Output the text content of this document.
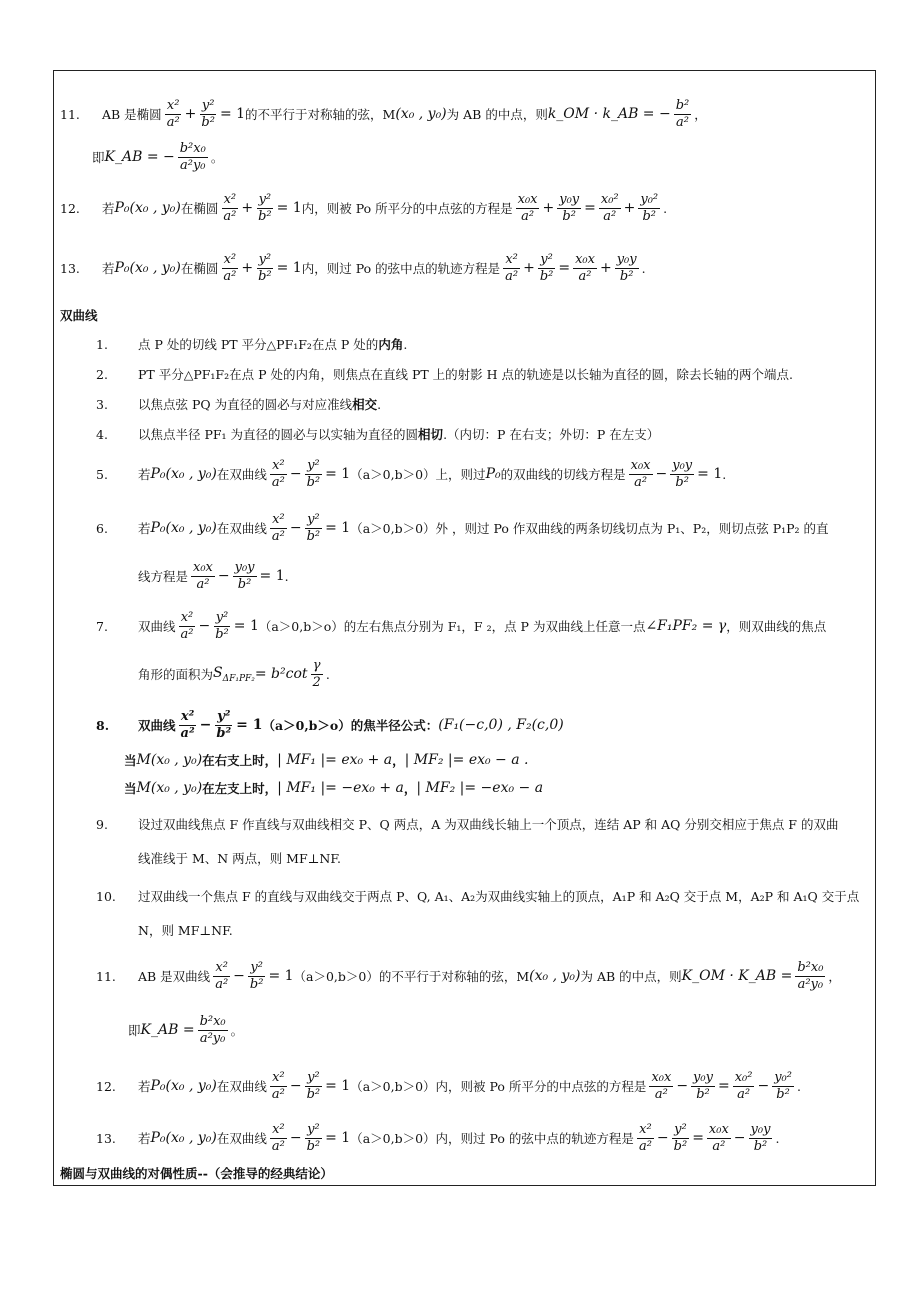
11.	AB 是椭圆 $\frac{\text{x²}}{\text{a²}} + \frac{\text{y²}}{\text{b²}} = 1$ 的不平行于对称轴的弦，M (x₀ , y₀) 为 AB 的中点，则 k_OM · k_AB = − $\frac{\text{b²}}{\text{a²}}$ ，
即 K_AB = − $\frac{\text{b²x₀}}{\text{a²y₀}}$ 。
12.	若 P₀(x₀ , y₀) 在椭圆 $\frac{\text{x²}}{\text{a²}} + \frac{\text{y²}}{\text{b²}} = 1$ 内，则被 Po 所平分的中点弦的方程是 $\frac{\text{x₀x}}{\text{a²}} + \frac{\text{y₀y}}{\text{b²}} = \frac{\text{x₀²}}{\text{a²}} + \frac{\text{y₀²}}{\text{b²}}$ .
13.	若 P₀(x₀ , y₀) 在椭圆 $\frac{\text{x²}}{\text{a²}} + \frac{\text{y²}}{\text{b²}} = 1$ 内，则过 Po 的弦中点的轨迹方程是 $\frac{\text{x²}}{\text{a²}} + \frac{\text{y²}}{\text{b²}} = \frac{\text{x₀x}}{\text{a²}} + \frac{\text{y₀y}}{\text{b²}}$ .
双曲线
1.	点 P 处的切线 PT 平分△PF₁F₂在点 P 处的 内角 .
2.	PT 平分△PF₁F₂在点 P 处的内角，则焦点在直线 PT 上的射影 H 点的轨迹是以长轴为直径的圆，除去长轴的两个端点.
3.	以焦点弦 PQ 为直径的圆必与对应准线 相交 .
4.	以焦点半径 PF₁ 为直径的圆必与以实轴为直径的圆 相切 .（内切：P 在右支；外切：P 在左支）
5.	若 P₀(x₀ , y₀) 在双曲线 $\frac{\text{x²}}{\text{a²}} - \frac{\text{y²}}{\text{b²}} = 1$ （a＞0,b＞0）上，则过 P₀ 的双曲线的切线方程是 $\frac{\text{x₀x}}{\text{a²}} - \frac{\text{y₀y}}{\text{b²}} = 1$ .
6.	若 P₀(x₀ , y₀) 在双曲线 $\frac{\text{x²}}{\text{a²}} - \frac{\text{y²}}{\text{b²}} = 1$ （a＞0,b＞0）外 ，则过 Po 作双曲线的两条切线切点为 P₁、P₂，则切点弦 P₁P₂ 的直
线方程是 $\frac{\text{x₀x}}{\text{a²}} - \frac{\text{y₀y}}{\text{b²}} = 1$ .
7.	双曲线 $\frac{\text{x²}}{\text{a²}} - \frac{\text{y²}}{\text{b²}} = 1$ （a＞0,b＞o）的左右焦点分别为 F₁，F ₂，点 P 为双曲线上任意一点 ∠F₁PF₂ = γ ，则双曲线的焦点
角形的面积为 $S_{\Delta F_1PF_2} = b^2\cot \frac{\gamma}{2}$ .
8.	双曲线 $\frac{\text{x²}}{\text{a²}} - \frac{\text{y²}}{\text{b²}} = 1$ （a＞0,b＞o）的焦半径公式： (F₁(−c,0) , F₂(c,0)
当 M(x₀ , y₀) 在右支上时， | MF₁ |= ex₀ + a ， | MF₂ |= ex₀ − a .
当 M(x₀ , y₀) 在左支上时， | MF₁ |= −ex₀ + a ， | MF₂ |= −ex₀ − a
9.	设过双曲线焦点 F 作直线与双曲线相交 P、Q 两点，A 为双曲线长轴上一个顶点，连结 AP 和 AQ 分别交相应于焦点 F 的双曲
线准线于 M、N 两点，则 MF⊥NF.
10.	过双曲线一个焦点 F 的直线与双曲线交于两点 P、Q, A₁、A₂为双曲线实轴上的顶点，A₁P 和 A₂Q 交于点 M，A₂P 和 A₁Q 交于点
N，则 MF⊥NF.
11.	AB 是双曲线 $\frac{\text{x²}}{\text{a²}} - \frac{\text{y²}}{\text{b²}} = 1$ （a＞0,b＞0）的不平行于对称轴的弦，M (x₀ , y₀) 为 AB 的中点，则 K_OM · K_AB = $\frac{\text{b²x₀}}{\text{a²y₀}}$ ，
即 K_AB = $\frac{\text{b²x₀}}{\text{a²y₀}}$ 。
12.	若 P₀(x₀ , y₀) 在双曲线 $\frac{\text{x²}}{\text{a²}} - \frac{\text{y²}}{\text{b²}} = 1$ （a＞0,b＞0）内，则被 Po 所平分的中点弦的方程是 $\frac{\text{x₀x}}{\text{a²}} - \frac{\text{y₀y}}{\text{b²}} = \frac{\text{x₀²}}{\text{a²}} - \frac{\text{y₀²}}{\text{b²}}$ .
13.	若 P₀(x₀ , y₀) 在双曲线 $\frac{\text{x²}}{\text{a²}} - \frac{\text{y²}}{\text{b²}} = 1$ （a＞0,b＞0）内，则过 Po 的弦中点的轨迹方程是 $\frac{\text{x²}}{\text{a²}} - \frac{\text{y²}}{\text{b²}} = \frac{\text{x₀x}}{\text{a²}} - \frac{\text{y₀y}}{\text{b²}}$ .
椭圆与双曲线的对偶性质--（会推导的经典结论）
